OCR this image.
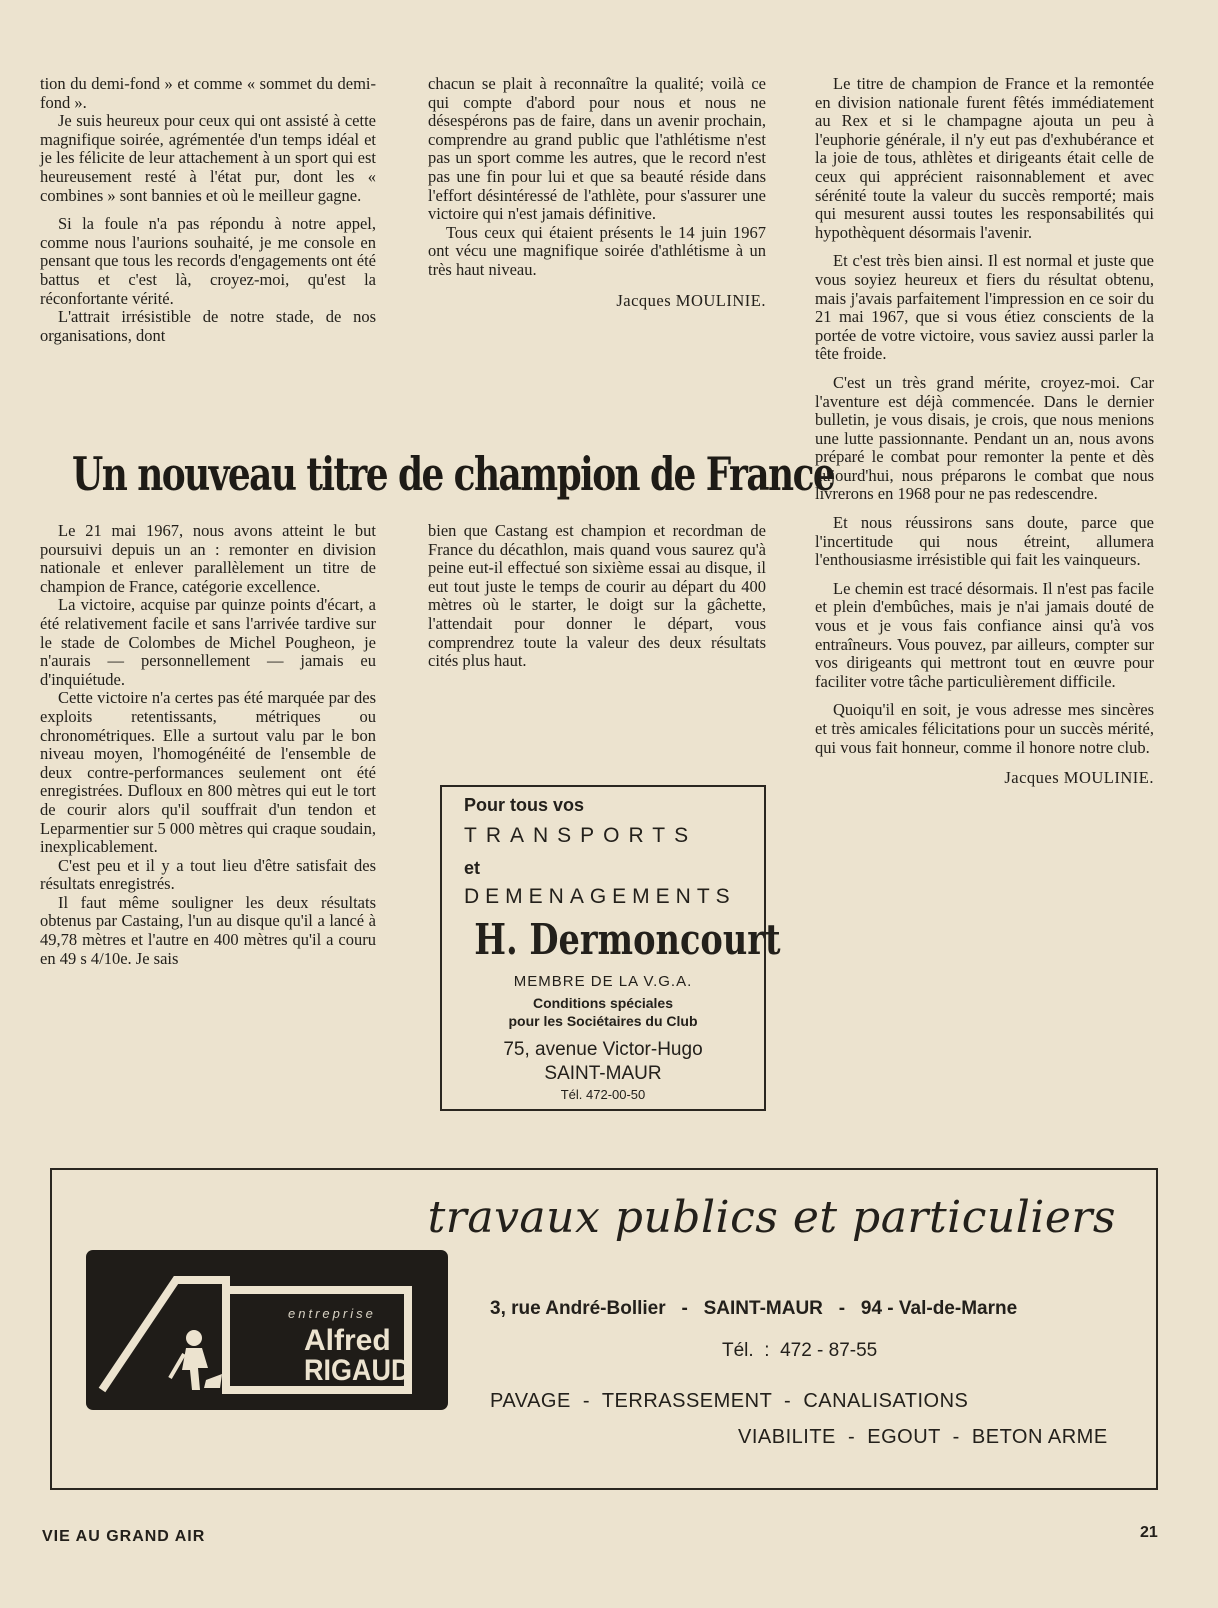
tion du demi-fond » et comme « sommet du demi-fond ».

Je suis heureux pour ceux qui ont assisté à cette magnifique soirée, agrémentée d'un temps idéal et je les félicite de leur attachement à un sport qui est heureusement resté à l'état pur, dont les « combines » sont bannies et où le meilleur gagne.

Si la foule n'a pas répondu à notre appel, comme nous l'aurions souhaité, je me console en pensant que tous les records d'engagements ont été battus et c'est là, croyez-moi, qu'est la réconfortante vérité.

L'attrait irrésistible de notre stade, de nos organisations, dont

chacun se plait à reconnaître la qualité; voilà ce qui compte d'abord pour nous et nous ne désespérons pas de faire, dans un avenir prochain, comprendre au grand public que l'athlétisme n'est pas un sport comme les autres, que le record n'est pas une fin pour lui et que sa beauté réside dans l'effort désintéressé de l'athlète, pour s'assurer une victoire qui n'est jamais définitive.

Tous ceux qui étaient présents le 14 juin 1967 ont vécu une magnifique soirée d'athlétisme à un très haut niveau.

Jacques MOULINIE.
Un nouveau titre de champion de France

Le titre de champion de France et la remontée en division nationale furent fêtés immédiatement au Rex et si le champagne ajouta un peu à l'euphorie générale, il n'y eut pas d'exhubérance et la joie de tous, athlètes et dirigeants était celle de ceux qui apprécient raisonnablement et avec sérénité toute la valeur du succès remporté; mais qui mesurent aussi toutes les responsabilités qui hypothèquent désormais l'avenir.

Et c'est très bien ainsi. Il est normal et juste que vous soyiez heureux et fiers du résultat obtenu, mais j'avais parfaitement l'impression en ce soir du 21 mai 1967, que si vous étiez conscients de la portée de votre victoire, vous saviez aussi parler la tête froide.

C'est un très grand mérite, croyez-moi. Car l'aventure est déjà commencée. Dans le dernier bulletin, je vous disais, je crois, que nous menions une lutte passionnante. Pendant un an, nous avons préparé le combat pour remonter la pente et dès aujourd'hui, nous préparons le combat que nous livrerons en 1968 pour ne pas redescendre.

Et nous réussirons sans doute, parce que l'incertitude qui nous étreint, allumera l'enthousiasme irrésistible qui fait les vainqueurs.

Le chemin est tracé désormais. Il n'est pas facile et plein d'embûches, mais je n'ai jamais douté de vous et je vous fais confiance ainsi qu'à vos entraîneurs. Vous pouvez, par ailleurs, compter sur vos dirigeants qui mettront tout en œuvre pour faciliter votre tâche particulièrement difficile.

Quoiqu'il en soit, je vous adresse mes sincères et très amicales félicitations pour un succès mérité, qui vous fait honneur, comme il honore notre club.

Jacques MOULINIE.

Le 21 mai 1967, nous avons atteint le but poursuivi depuis un an : remonter en division nationale et enlever parallèlement un titre de champion de France, catégorie excellence.

La victoire, acquise par quinze points d'écart, a été relativement facile et sans l'arrivée tardive sur le stade de Colombes de Michel Pougheon, je n'aurais — personnellement — jamais eu d'inquiétude.

Cette victoire n'a certes pas été marquée par des exploits retentissants, métriques ou chronométriques. Elle a surtout valu par le bon niveau moyen, l'homogénéité de l'ensemble de deux contre-performances seulement ont été enregistrées. Dufloux en 800 mètres qui eut le tort de courir alors qu'il souffrait d'un tendon et Leparmentier sur 5 000 mètres qui craque soudain, inexplicablement.

C'est peu et il y a tout lieu d'être satisfait des résultats enregistrés.

Il faut même souligner les deux résultats obtenus par Castaing, l'un au disque qu'il a lancé à 49,78 mètres et l'autre en 400 mètres qu'il a couru en 49 s 4/10e. Je sais

bien que Castang est champion et recordman de France du décathlon, mais quand vous saurez qu'à peine eut-il effectué son sixième essai au disque, il eut tout juste le temps de courir au départ du 400 mètres où le starter, le doigt sur la gâchette, l'attendait pour donner le départ, vous comprendrez toute la valeur des deux résultats cités plus haut.

Pour tous vos
TRANSPORTS
et
DEMENAGEMENTS
H. Dermoncourt
MEMBRE DE LA V.G.A.
Conditions spéciales
pour les Sociétaires du Club
75, avenue Victor-Hugo
SAINT-MAUR
Tél. 472-00-50
travaux publics et particuliers
entreprise
Alfred
RIGAUD
3, rue André-Bollier   -   SAINT-MAUR   -   94 - Val-de-Marne
Tél.  :  472 - 87-55
PAVAGE  -  TERRASSEMENT  -  CANALISATIONS
VIABILITE  -  EGOUT  -  BETON ARME
VIE AU GRAND AIR	21
